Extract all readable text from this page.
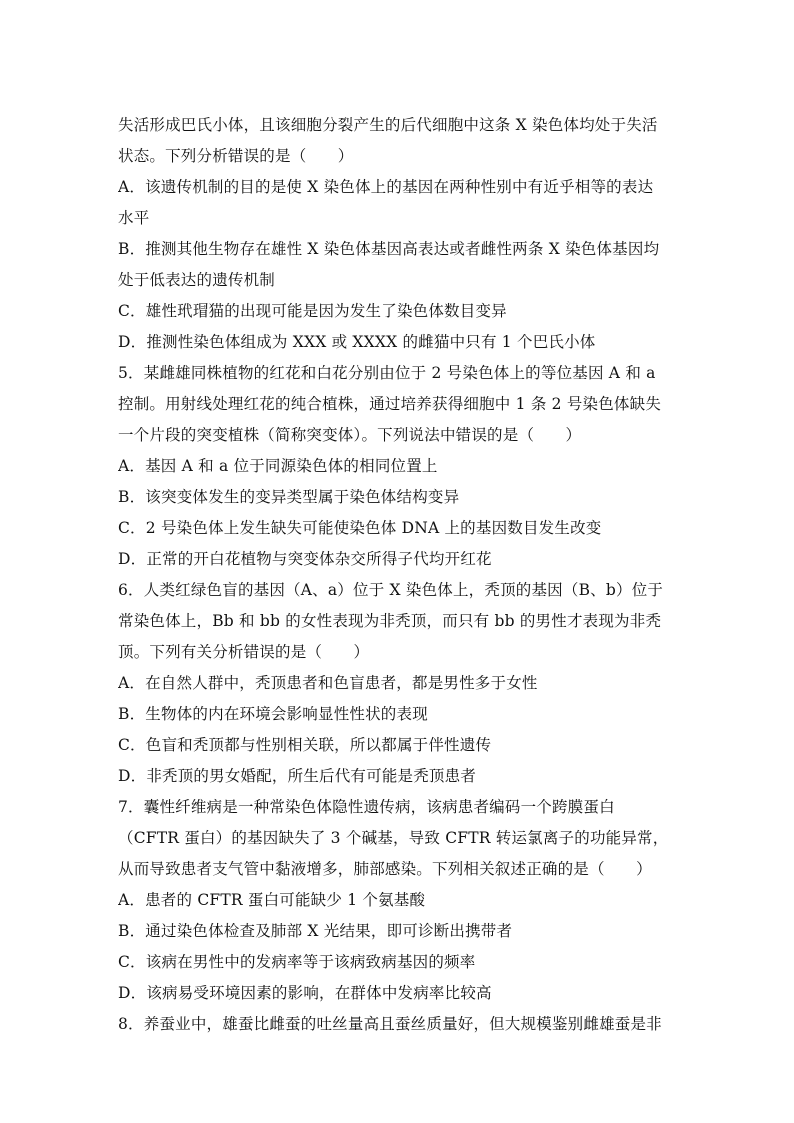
失活形成巴氏小体，且该细胞分裂产生的后代细胞中这条 X 染色体均处于失活
状态。下列分析错误的是（　　）
A．该遗传机制的目的是使 X 染色体上的基因在两种性别中有近乎相等的表达
水平
B．推测其他生物存在雄性 X 染色体基因高表达或者雌性两条 X 染色体基因均
处于低表达的遗传机制
C．雄性玳瑁猫的出现可能是因为发生了染色体数目变异
D．推测性染色体组成为 XXX 或 XXXX 的雌猫中只有 1 个巴氏小体
5．某雌雄同株植物的红花和白花分别由位于 2 号染色体上的等位基因 A 和 a
控制。用射线处理红花的纯合植株，通过培养获得细胞中 1 条 2 号染色体缺失
一个片段的突变植株（简称突变体）。下列说法中错误的是（　　）
A．基因 A 和 a 位于同源染色体的相同位置上
B．该突变体发生的变异类型属于染色体结构变异
C．2 号染色体上发生缺失可能使染色体 DNA 上的基因数目发生改变
D．正常的开白花植物与突变体杂交所得子代均开红花
6．人类红绿色盲的基因（A、a）位于 X 染色体上，秃顶的基因（B、b）位于
常染色体上，Bb 和 bb 的女性表现为非秃顶，而只有 bb 的男性才表现为非秃
顶。下列有关分析错误的是（　　）
A．在自然人群中，秃顶患者和色盲患者，都是男性多于女性
B．生物体的内在环境会影响显性性状的表现
C．色盲和秃顶都与性别相关联，所以都属于伴性遗传
D．非秃顶的男女婚配，所生后代有可能是秃顶患者
7．囊性纤维病是一种常染色体隐性遗传病，该病患者编码一个跨膜蛋白
（CFTR 蛋白）的基因缺失了 3 个碱基，导致 CFTR 转运氯离子的功能异常，
从而导致患者支气管中黏液增多，肺部感染。下列相关叙述正确的是（　　）
A．患者的 CFTR 蛋白可能缺少 1 个氨基酸
B．通过染色体检查及肺部 X 光结果，即可诊断出携带者
C．该病在男性中的发病率等于该病致病基因的频率
D．该病易受环境因素的影响，在群体中发病率比较高
8．养蚕业中，雄蚕比雌蚕的吐丝量高且蚕丝质量好，但大规模鉴别雌雄蚕是非
